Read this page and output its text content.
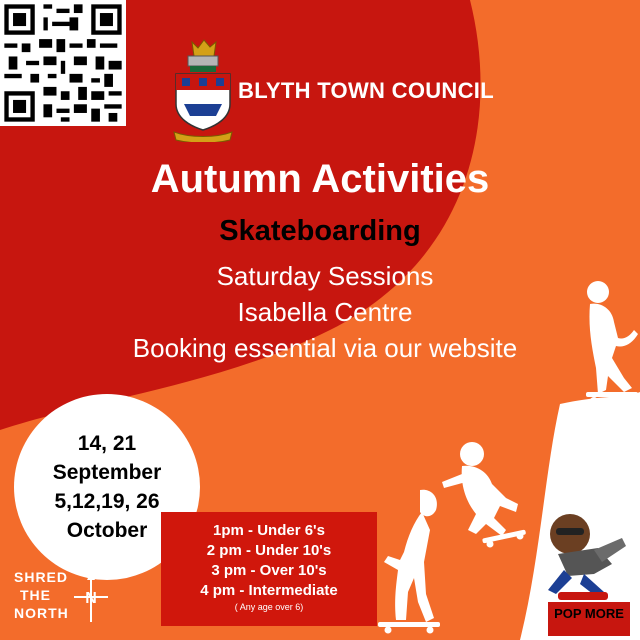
BLYTH TOWN COUNCIL
Autumn Activities
Skateboarding
Saturday Sessions
Isabella Centre
Booking essential via our website
14, 21
September
5,12,19, 26
October	1pm - Under 6's
2 pm - Under 10's
3 pm - Over 10's
4 pm - Intermediate
( Any age over 6)
SHRED
THE
NORTH
N
POP MORE
